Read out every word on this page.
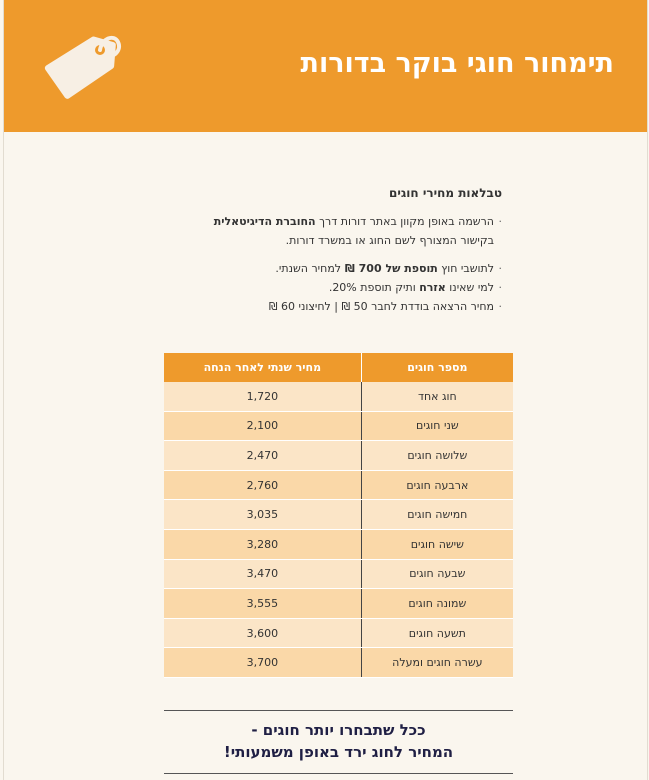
תימחור חוגי בוקר בדורות
טבלאות מחירי חוגים
·הרשמה באופן מקוון באתר דורות דרך החוברת הדיגיטאלית
בקישור המצורף לשם החוג או במשרד דורות.
·לתושבי חוץ תוספת של 700 ₪ למחיר השנתי.
·למי שאינו אזרח ותיק תוספת 20%.
·מחיר הרצאה בודדת לחבר 50 ₪ | לחיצוני 60 ₪
מספר חוגים	מחיר שנתי לאחר הנחה
חוג אחד	1,720
שני חוגים	2,100
שלושה חוגים	2,470
ארבעה חוגים	2,760
חמישה חוגים	3,035
שישה חוגים	3,280
שבעה חוגים	3,470
שמונה חוגים	3,555
תשעה חוגים	3,600
עשרה חוגים ומעלה	3,700
ככל שתבחרו יותר חוגים -
המחיר לחוג ירד באופן משמעותי!
